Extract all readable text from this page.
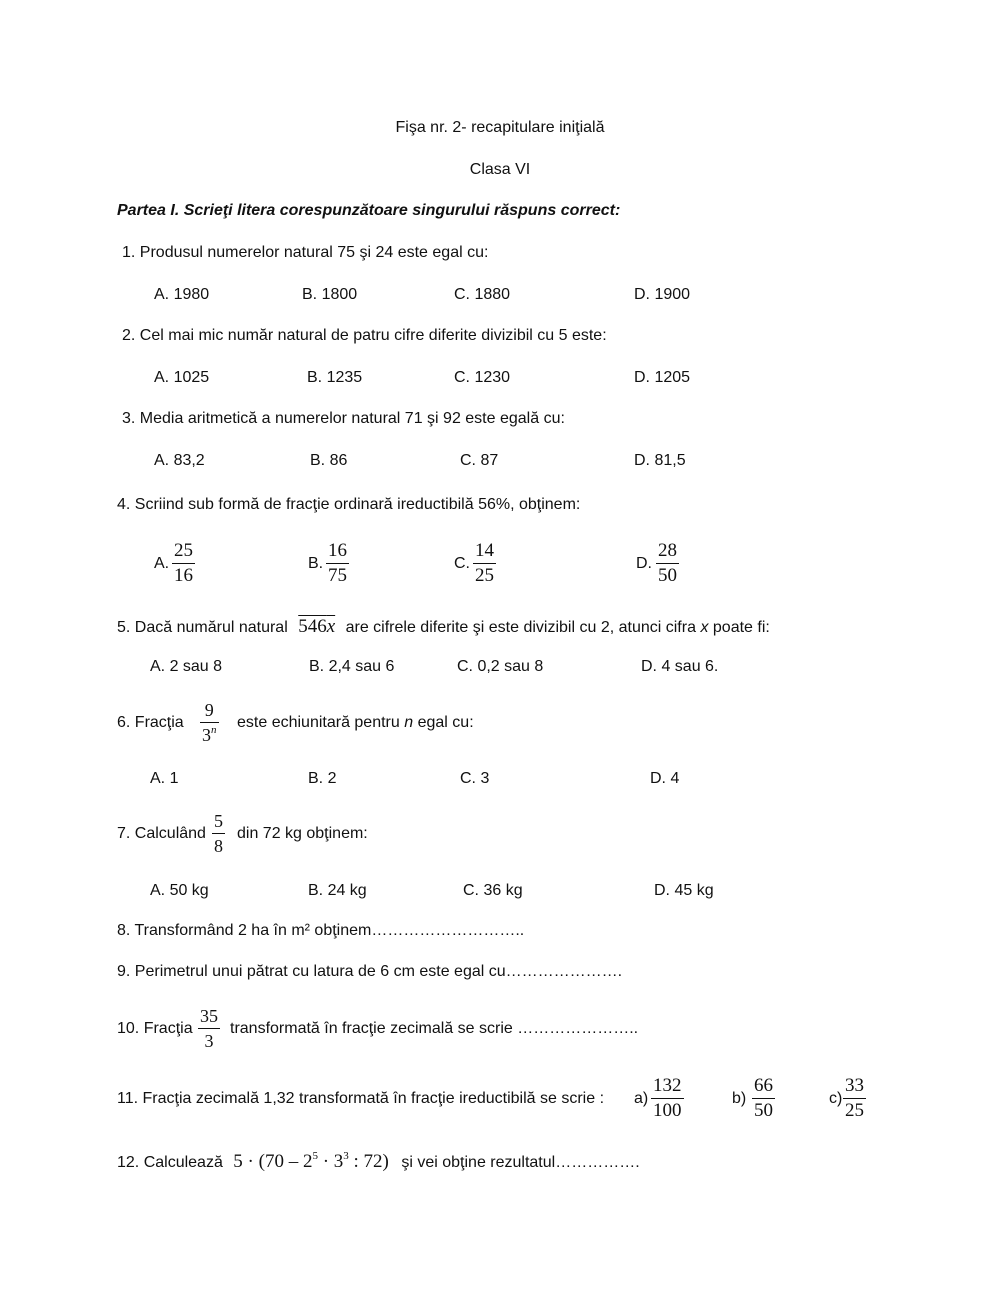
Fişa nr. 2- recapitulare iniţială
Clasa VI
Partea I. Scrieţi litera corespunzătoare singurului răspuns correct:
1. Produsul numerelor natural 75 şi 24 este egal cu:
A. 1980	B. 1800	C. 1880	D. 1900
2. Cel mai mic număr natural de patru cifre diferite divizibil cu 5 este:
A. 1025	B. 1235	C. 1230	D. 1205
3. Media aritmetică a numerelor natural 71 şi 92 este egală cu:
A. 83,2	B. 86	C. 87	D. 81,5
4. Scriind sub formă de fracţie ordinară ireductibilă 56%, obţinem:
A.
25
16
B.
16
75
C.
14
25
D.
28
50
5. Dacă numărul natural 546x are cifrele diferite şi este divizibil cu 2, atunci cifra x poate fi:
A. 2 sau 8	B. 2,4 sau 6	C. 0,2 sau 8	D. 4 sau 6.
6. Fracţia
9
3$^n$ este echiunitară pentru n egal cu:
A. 1	B. 2	C. 3	D. 4
7. Calculând
5
8
din 72 kg obţinem:
A. 50 kg	B. 24 kg	C. 36 kg	D. 45 kg
8. Transformând 2 ha în m² obţinem………………………..
9. Perimetrul unui pătrat cu latura de 6 cm este egal cu………………….
10. Fracţia
35
3
transformată în fracţie zecimală se scrie …………………..
11. Fracţia zecimală 1,32 transformată în fracţie ireductibilă se scrie : a)
132
100
b)
66
50
c)
33
25
12. Calculează $5 \cdot (70 - 2^5 \cdot 3^3$ : 72) şi vei obţine rezultatul…………….
